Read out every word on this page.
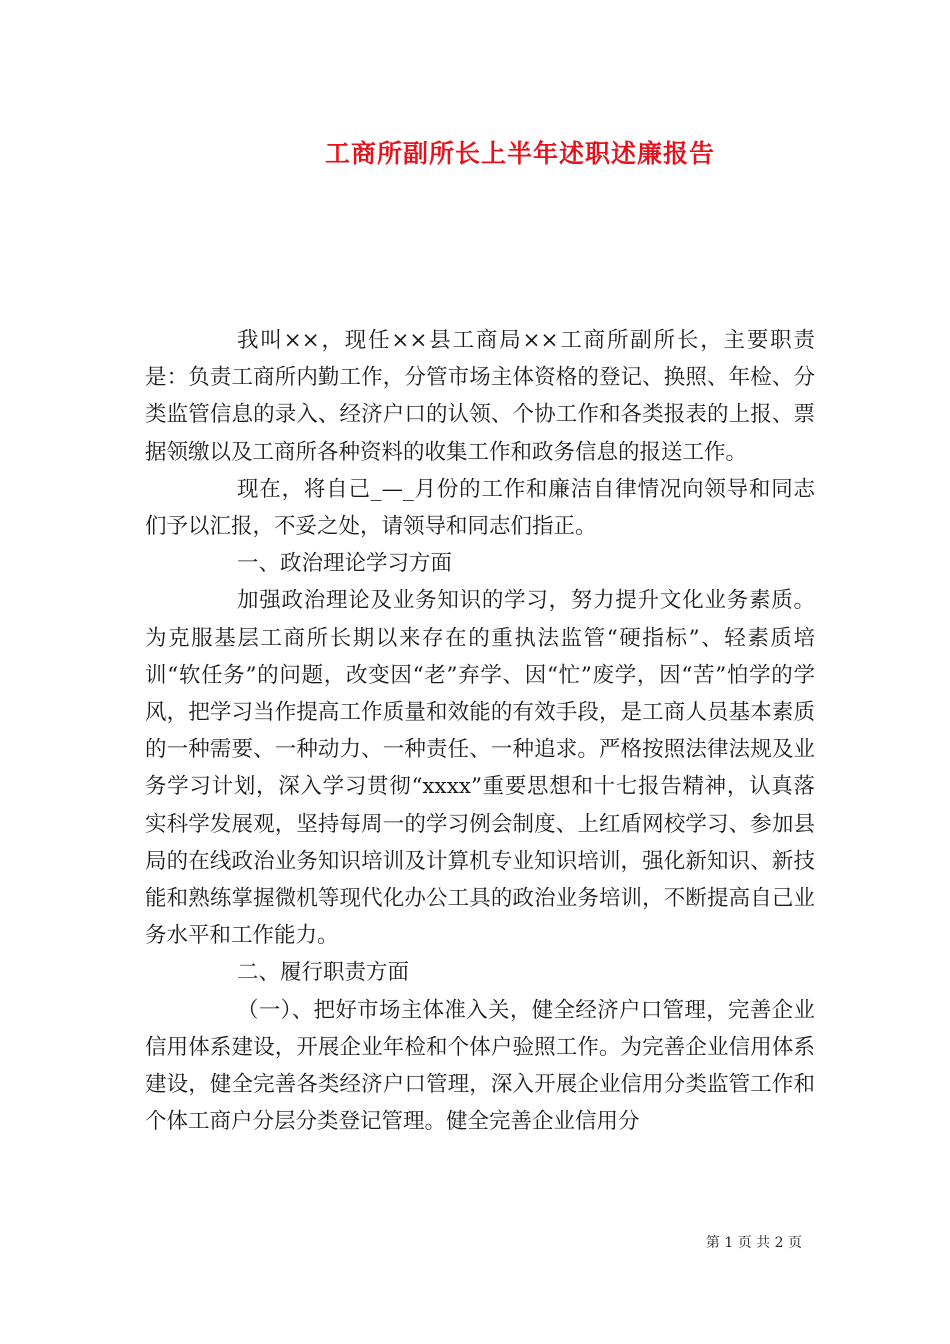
工商所副所长上半年述职述廉报告

我叫××，现任××县工商局××工商所副所长，主要职责是：负责工商所内勤工作，分管市场主体资格的登记、换照、年检、分类监管信息的录入、经济户口的认领、个协工作和各类报表的上报、票据领缴以及工商所各种资料的收集工作和政务信息的报送工作。

现在，将自己_—_月份的工作和廉洁自律情况向领导和同志们予以汇报，不妥之处，请领导和同志们指正。

一、政治理论学习方面

加强政治理论及业务知识的学习，努力提升文化业务素质。为克服基层工商所长期以来存在的重执法监管“硬指标”、轻素质培训“软任务”的问题，改变因“老”弃学、因“忙”废学，因“苦”怕学的学风，把学习当作提高工作质量和效能的有效手段，是工商人员基本素质的一种需要、一种动力、一种责任、一种追求。严格按照法律法规及业务学习计划，深入学习贯彻“xxxx”重要思想和十七报告精神，认真落实科学发展观，坚持每周一的学习例会制度、上红盾网校学习、参加县局的在线政治业务知识培训及计算机专业知识培训，强化新知识、新技能和熟练掌握微机等现代化办公工具的政治业务培训，不断提高自己业务水平和工作能力。

二、履行职责方面

（一）、把好市场主体准入关，健全经济户口管理，完善企业信用体系建设，开展企业年检和个体户验照工作。为完善企业信用体系建设，健全完善各类经济户口管理，深入开展企业信用分类监管工作和个体工商户分层分类登记管理。健全完善企业信用分

第 1 页 共 2 页
